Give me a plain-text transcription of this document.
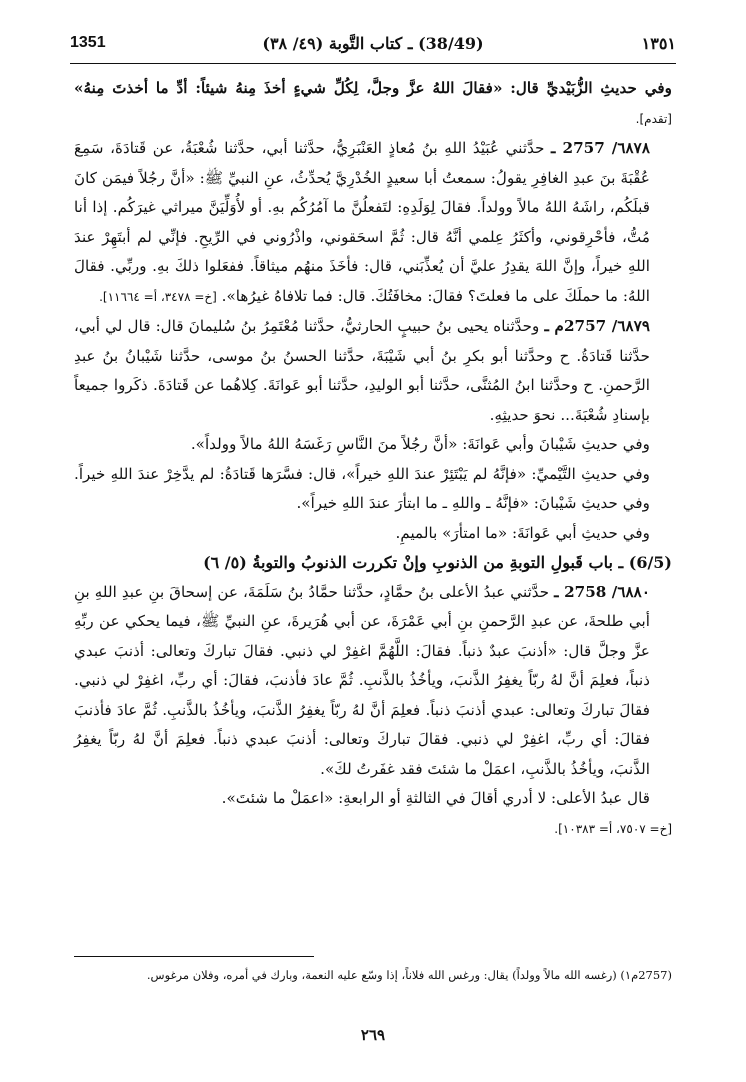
1351	(38/49) ـ كتاب التَّوبة (٤٩/ ٣٨)	١٣٥١

وفي حديثِ الزُّبَيْديِّ قال: «فقالَ اللهُ عزَّ وجلَّ، لِكُلِّ شيءٍ أخذَ مِنهُ شيئاً: أدِّ ما أخذتَ مِنهُ» [تقدم].

٦٨٧٨/ 2757 ـ حدَّثني عُبَيْدُ اللهِ بنُ مُعاذٍ العَنْبَرِيُّ، حدَّثنا أبي، حدَّثنا شُعْبَةُ، عن قَتادَةَ، سَمِعَ عُقْبَةَ بنَ عبدِ الغافِرِ يقولُ: سمعتُ أبا سعيدٍ الخُدْرِيَّ يُحدِّثُ، عنِ النبيِّ ﷺ: «أنَّ رجُلاً فيمَن كانَ قبلَكُم، راشَهُ اللهُ مالاً وولداً. فقالَ لِوَلَدِهِ: لتَفعلُنَّ ما آمُرُكُم بهِ. أو لأُوَلِّيَنَّ ميراثي غيرَكُم. إذا أنا مُتُّ، فأحْرِقوني، وأكثَرُ عِلمي أنَّهُ قال: ثُمَّ اسحَقوني، واذْرُوني في الرِّيحِ. فإنِّي لم أبتَهِرْ عندَ اللهِ خيراً، وإنَّ اللهَ يقدِرُ عليَّ أن يُعذِّبَني، قال: فأخَذَ منهُم ميثاقاً. ففعَلوا ذلكَ بهِ. وربِّي. فقالَ اللهُ: ما حملَكَ على ما فعلتَ؟ فقالَ: مخافَتُكَ. قال: فما تلافاهُ غيرُها». [خ= ٣٤٧٨، أ= ١١٦٦٤].

٦٨٧٩/ 2757م ـ وحدَّثناه يحيى بنُ حبيبٍ الحارثيُّ، حدَّثنا مُعْتَمِرُ بنُ سُليمانَ قال: قال لي أبي، حدَّثنا قَتادَةُ. ح وحدَّثنا أبو بكرِ بنُ أبي شَيْبَةَ، حدَّثنا الحسنُ بنُ موسى، حدَّثنا شَيْبانُ بنُ عبدِ الرَّحمنِ. ح وحدَّثنا ابنُ المُثنَّى، حدَّثنا أبو الوليدِ، حدَّثنا أبو عَوانَةَ. كِلاهُما عن قَتادَةَ. ذكَروا جميعاً بإسنادِ شُعْبَةَ... نحوَ حديثِهِ.

وفي حديثِ شَيْبانَ وأبي عَوانَةَ: «أنَّ رجُلاً منَ النَّاسِ رَغَسَهُ اللهُ مالاً وولداً».

وفي حديثِ التَّيْميِّ: «فإنَّهُ لم يَبْتَئِرْ عندَ اللهِ خيراً»، قال: فسَّرَها قَتادَةُ: لم يدَّخِرْ عندَ اللهِ خيراً. وفي حديثِ شَيْبانَ: «فإنَّهُ ـ واللهِ ـ ما ابتأرَ عندَ اللهِ خيراً».

وفي حديثِ أبي عَوانَةَ: «ما امتأرَ» بالميمِ.

(6/5) ـ باب قَبولِ التوبةِ من الذنوبِ وإنْ تكررت الذنوبُ والتوبةُ (٥/ ٦)

٦٨٨٠/ 2758 ـ حدَّثني عبدُ الأعلى بنُ حمَّادٍ، حدَّثنا حمَّادُ بنُ سَلَمَةَ، عن إسحاقَ بنِ عبدِ اللهِ بنِ أبي طلحةَ، عن عبدِ الرَّحمنِ بنِ أبي عَمْرَةَ، عن أبي هُرَيرةَ، عنِ النبيِّ ﷺ، فيما يحكي عن ربِّهِ عزَّ وجلَّ قال: «أذنبَ عبدٌ ذنباً. فقالَ: اللَّهُمَّ اغفِرْ لي ذنبي. فقالَ تباركَ وتعالى: أذنبَ عبدي ذنباً، فعلِمَ أنَّ لهُ ربّاً يغفِرُ الذَّنبَ، ويأخُذُ بالذَّنبِ. ثُمَّ عادَ فأذنبَ، فقالَ: أي ربِّ، اغفِرْ لي ذنبي. فقالَ تباركَ وتعالى: عبدي أذنبَ ذنباً. فعلِمَ أنَّ لهُ ربّاً يغفِرُ الذَّنبَ، ويأخُذُ بالذَّنبِ. ثُمَّ عادَ فأذنبَ فقالَ: أي ربِّ، اغفِرْ لي ذنبي. فقالَ تباركَ وتعالى: أذنبَ عبدي ذنباً. فعلِمَ أنَّ لهُ ربّاً يغفِرُ الذَّنبَ، ويأخُذُ بالذَّنبِ، اعمَلْ ما شئتَ فقد غفَرتُ لكَ».

قال عبدُ الأعلى: لا أدري أقالَ في الثالثةِ أو الرابعةِ: «اعمَلْ ما شئتَ».

[خ= ٧٥٠٧، أ= ١٠٣٨٣].

(2757م١) (رغسه الله مالاً وولداً) يقال: ورغس الله فلاناً، إذا وسّع عليه النعمة، وبارك في أمره، وفلان مرغوس.
٢٦٩
